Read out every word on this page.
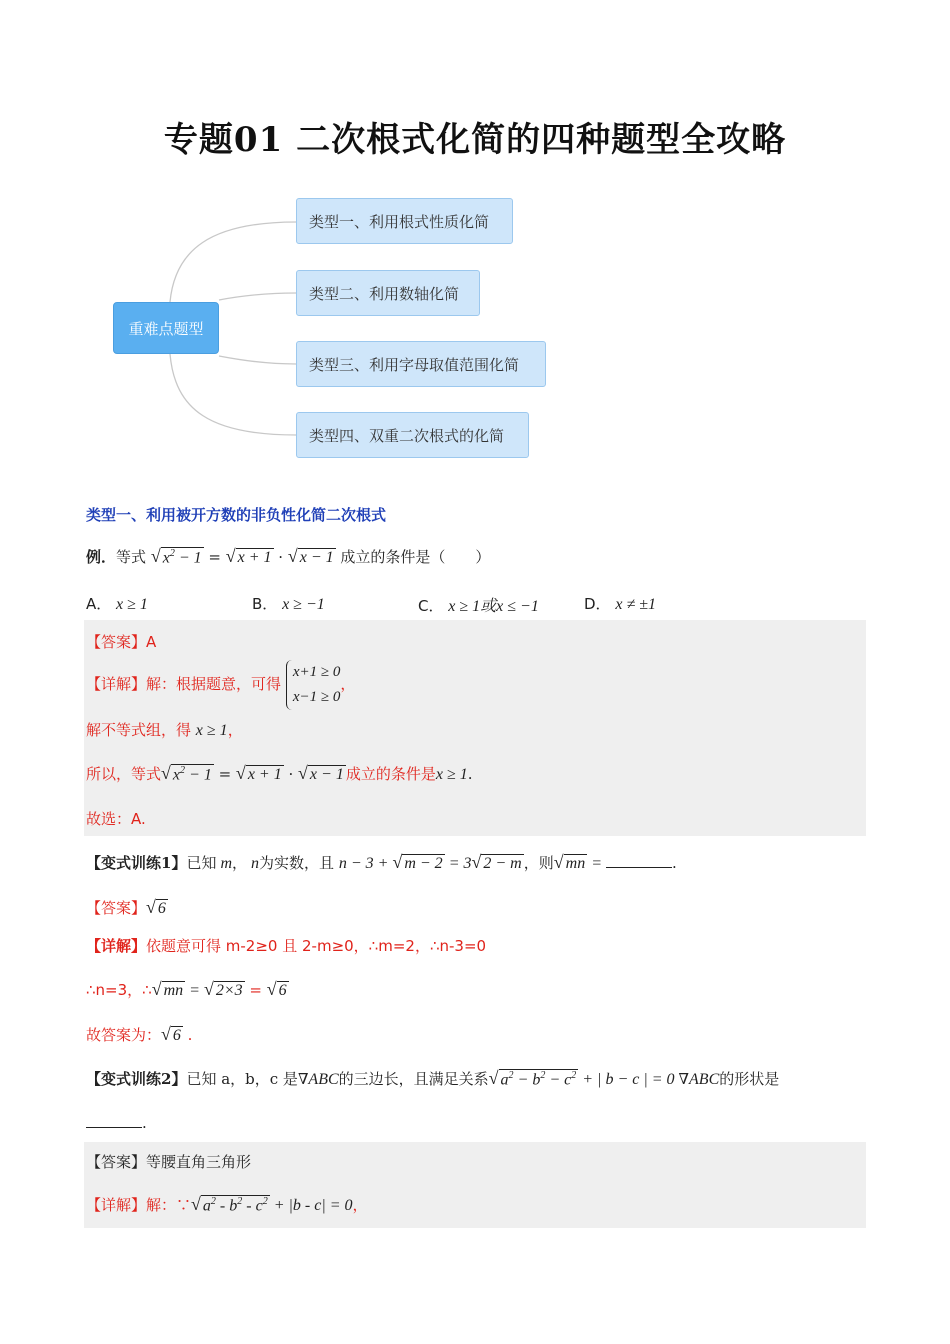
专题01 二次根式化简的四种题型全攻略
重难点题型
类型一、利用根式性质化简
类型二、利用数轴化简
类型三、利用字母取值范围化简
类型四、双重二次根式的化简
类型一、利用被开方数的非负性化简二次根式
例．等式 √ $x^2 - 1$ = √ x + 1 · √ x − 1 成立的条件是（　　）
A． x ≥ 1	B． x ≥ −1	C． x ≥ 1或x ≤ −1	D． x ≠ ±1
【答案】A
【详解】解：根据题意，可得 x+1 ≥ 0
x−1 ≥ 0，
解不等式组，得 x ≥ 1，
所以，等式√ $x^2 - 1$ = √ x + 1 · √ x − 1 成立的条件是x ≥ 1.
故选：A.
【变式训练1】已知 m， n为实数，且 n − 3 + √ m − 2 = 3√ 2 − m ，则√ mn =	.
【答案】√ 6
【详解】依题意可得 m-2≥0 且 2-m≥0，∴m=2，∴n-3=0
∴n=3，∴√ mn = √ 2×3 = √ 6
故答案为：√ 6 .
【变式训练2】已知 a，b，c 是∇ABC的三边长，且满足关系√ $a^2 - b^2 - c^2$ + | b − c | = 0 ∇ABC的形状是
.
【答案】等腰直角三角形
【详解】解：∵√ $a^2 - b^2 - c^2 + |b - c| = 0$，
